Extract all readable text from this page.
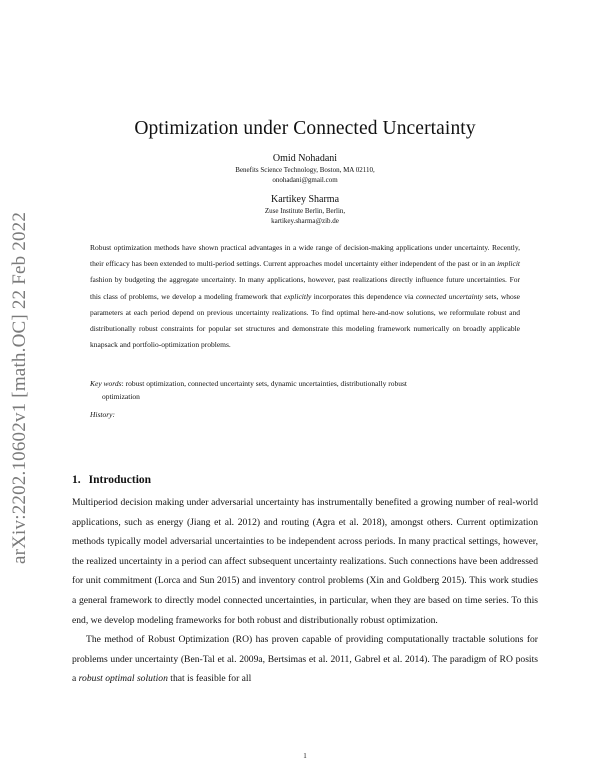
arXiv:2202.10602v1 [math.OC] 22 Feb 2022
Optimization under Connected Uncertainty
Omid Nohadani
Benefits Science Technology, Boston, MA 02110,
onohadani@gmail.com
Kartikey Sharma
Zuse Institute Berlin, Berlin,
kartikey.sharma@zib.de

Robust optimization methods have shown practical advantages in a wide range of decision-making applications under uncertainty. Recently, their efficacy has been extended to multi-period settings. Current approaches model uncertainty either independent of the past or in an implicit fashion by budgeting the aggregate uncertainty. In many applications, however, past realizations directly influence future uncertainties. For this class of problems, we develop a modeling framework that explicitly incorporates this dependence via connected uncertainty sets, whose parameters at each period depend on previous uncertainty realizations. To find optimal here-and-now solutions, we reformulate robust and distributionally robust constraints for popular set structures and demonstrate this modeling framework numerically on broadly applicable knapsack and portfolio-optimization problems.

Key words: robust optimization, connected uncertainty sets, dynamic uncertainties, distributionally robust
optimization
History:
1. Introduction

Multiperiod decision making under adversarial uncertainty has instrumentally benefited a growing number of real-world applications, such as energy (Jiang et al. 2012) and routing (Agra et al. 2018), amongst others. Current optimization methods typically model adversarial uncertainties to be independent across periods. In many practical settings, however, the realized uncertainty in a period can affect subsequent uncertainty realizations. Such connections have been addressed for unit commitment (Lorca and Sun 2015) and inventory control problems (Xin and Goldberg 2015). This work studies a general framework to directly model connected uncertainties, in particular, when they are based on time series. To this end, we develop modeling frameworks for both robust and distributionally robust optimization.

The method of Robust Optimization (RO) has proven capable of providing computationally tractable solutions for problems under uncertainty (Ben-Tal et al. 2009a, Bertsimas et al. 2011, Gabrel et al. 2014). The paradigm of RO posits a robust optimal solution that is feasible for all

1
